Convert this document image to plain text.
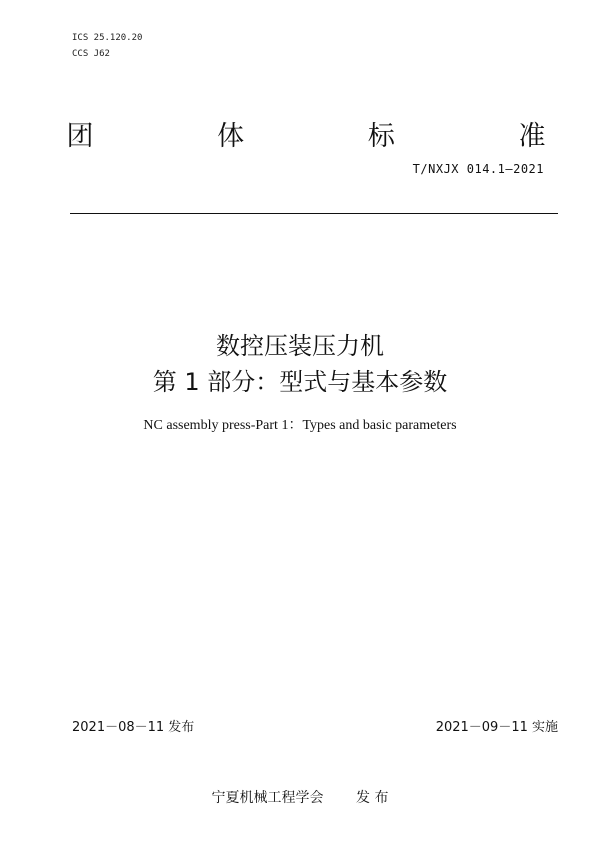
ICS 25.120.20
CCS J62
团	体	标	准
T/NXJX 014.1—2021
数控压装压力机
第 1 部分：型式与基本参数
NC assembly press-Part 1：Types and basic parameters
2021－08－11 发布	2021－09－11 实施
宁夏机械工程学会 发 布
